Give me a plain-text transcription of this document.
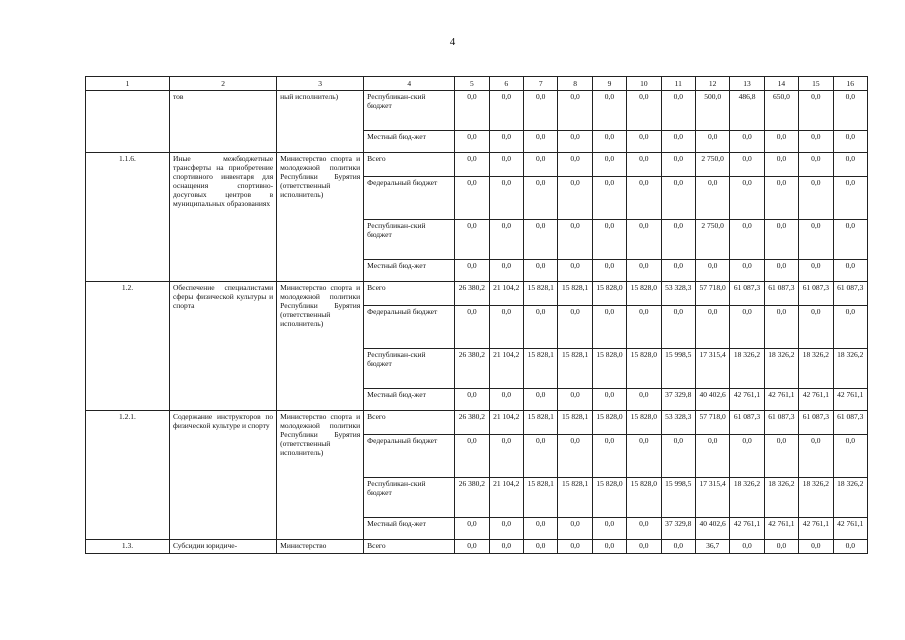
4
1	2	3	4	5	6	7	8	9	10	11	12	13	14	15	16
	тов	ный исполнитель)	Республикан-ский бюджет	0,0	0,0	0,0	0,0	0,0	0,0	0,0	500,0	486,8	650,0	0,0	0,0
			Местный бюд-жет	0,0	0,0	0,0	0,0	0,0	0,0	0,0	0,0	0,0	0,0	0,0	0,0
1.1.6.	Иные межбюджетные трансферты на приобретение спортивного инвентаря для оснащения спортивно-досуговых центров в муниципальных образованиях	Министерство спорта и молодежной политики Республики Бурятия (ответственный исполнитель)	Всего	0,0	0,0	0,0	0,0	0,0	0,0	0,0	2 750,0	0,0	0,0	0,0	0,0
			Федеральный бюджет	0,0	0,0	0,0	0,0	0,0	0,0	0,0	0,0	0,0	0,0	0,0	0,0
			Республикан-ский бюджет	0,0	0,0	0,0	0,0	0,0	0,0	0,0	2 750,0	0,0	0,0	0,0	0,0
			Местный бюд-жет	0,0	0,0	0,0	0,0	0,0	0,0	0,0	0,0	0,0	0,0	0,0	0,0
1.2.	Обеспечение специалистами сферы физической культуры и спорта	Министерство спорта и молодежной политики Республики Бурятия (ответственный исполнитель)	Всего	26 380,2	21 104,2	15 828,1	15 828,1	15 828,0	15 828,0	53 328,3	57 718,0	61 087,3	61 087,3	61 087,3	61 087,3
			Федеральный бюджет	0,0	0,0	0,0	0,0	0,0	0,0	0,0	0,0	0,0	0,0	0,0	0,0
			Республикан-ский бюджет	26 380,2	21 104,2	15 828,1	15 828,1	15 828,0	15 828,0	15 998,5	17 315,4	18 326,2	18 326,2	18 326,2	18 326,2
			Местный бюд-жет	0,0	0,0	0,0	0,0	0,0	0,0	37 329,8	40 402,6	42 761,1	42 761,1	42 761,1	42 761,1
1.2.1.	Содержание инструкторов по физической культуре и спорту	Министерство спорта и молодежной политики Республики Бурятия (ответственный исполнитель)	Всего	26 380,2	21 104,2	15 828,1	15 828,1	15 828,0	15 828,0	53 328,3	57 718,0	61 087,3	61 087,3	61 087,3	61 087,3
			Федеральный бюджет	0,0	0,0	0,0	0,0	0,0	0,0	0,0	0,0	0,0	0,0	0,0	0,0
			Республикан-ский бюджет	26 380,2	21 104,2	15 828,1	15 828,1	15 828,0	15 828,0	15 998,5	17 315,4	18 326,2	18 326,2	18 326,2	18 326,2
			Местный бюд-жет	0,0	0,0	0,0	0,0	0,0	0,0	37 329,8	40 402,6	42 761,1	42 761,1	42 761,1	42 761,1
1.3.	Субсидии юридиче-	Министерство	Всего	0,0	0,0	0,0	0,0	0,0	0,0	0,0	36,7	0,0	0,0	0,0	0,0
